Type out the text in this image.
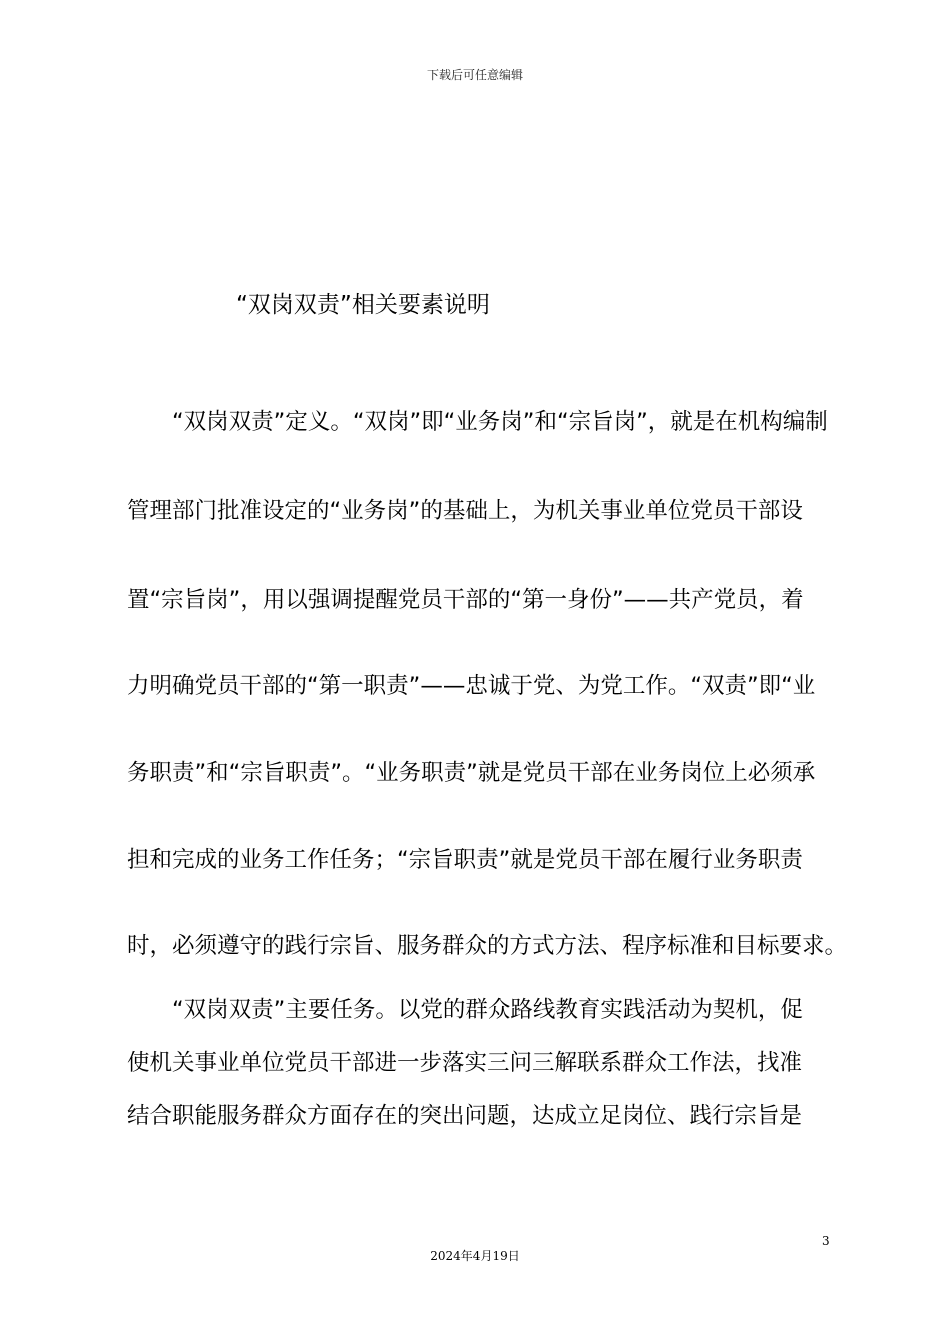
下载后可任意编辑
“双岗双责”相关要素说明
“双岗双责”定义。“双岗”即“业务岗”和“宗旨岗”，就是在机构编制
管理部门批准设定的“业务岗”的基础上，为机关事业单位党员干部设
置“宗旨岗”，用以强调提醒党员干部的“第一身份”——共产党员，着
力明确党员干部的“第一职责”——忠诚于党、为党工作。“双责”即“业
务职责”和“宗旨职责”。“业务职责”就是党员干部在业务岗位上必须承
担和完成的业务工作任务；“宗旨职责”就是党员干部在履行业务职责
时，必须遵守的践行宗旨、服务群众的方式方法、程序标准和目标要求。
“双岗双责”主要任务。以党的群众路线教育实践活动为契机，促
使机关事业单位党员干部进一步落实三问三解联系群众工作法，找准
结合职能服务群众方面存在的突出问题，达成立足岗位、践行宗旨是
3
2024年4月19日
